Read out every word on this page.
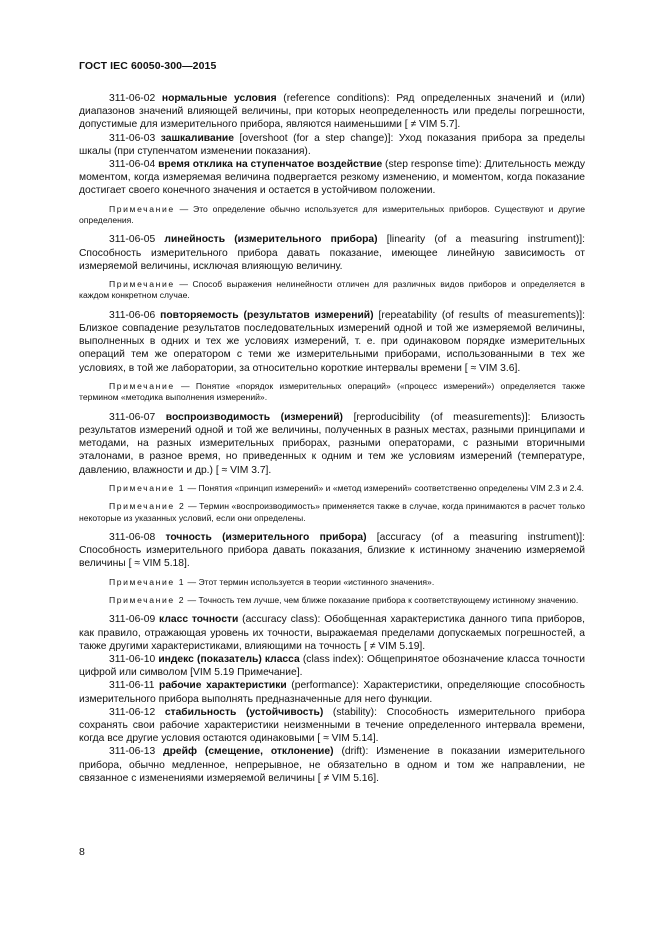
ГОСТ IEC 60050-300—2015

311-06-02 нормальные условия (reference conditions): Ряд определенных значений и (или) диапазонов значений влияющей величины, при которых неопределенность или пределы погрешности, допустимые для измерительного прибора, являются наименьшими [ ≠ VIM 5.7].

311-06-03 зашкаливание [overshoot (for a step change)]: Уход показания прибора за пределы шкалы (при ступенчатом изменении показания).

311-06-04 время отклика на ступенчатое воздействие (step response time): Длительность между моментом, когда измеряемая величина подвергается резкому изменению, и моментом, когда показание достигает своего конечного значения и остается в устойчивом положении.

Примечание — Это определение обычно используется для измерительных приборов. Существуют и другие определения.

311-06-05 линейность (измерительного прибора) [linearity (of a measuring instrument)]: Способность измерительного прибора давать показание, имеющее линейную зависимость от измеряемой величины, исключая влияющую величину.

Примечание — Способ выражения нелинейности отличен для различных видов приборов и определяется в каждом конкретном случае.

311-06-06 повторяемость (результатов измерений) [repeatability (of results of measurements)]: Близкое совпадение результатов последовательных измерений одной и той же измеряемой величины, выполненных в одних и тех же условиях измерений, т. е. при одинаковом порядке измерительных операций тем же оператором с теми же измерительными приборами, использованными в тех же условиях, в той же лаборатории, за относительно короткие интервалы времени [ ≈ VIM 3.6].

Примечание — Понятие «порядок измерительных операций» («процесс измерений») определяется также термином «методика выполнения измерений».

311-06-07 воспроизводимость (измерений) [reproducibility (of measurements)]: Близость результатов измерений одной и той же величины, полученных в разных местах, разными принципами и методами, на разных измерительных приборах, разными операторами, с разными вторичными эталонами, в разное время, но приведенных к одним и тем же условиям измерений (температуре, давлению, влажности и др.) [ ≈ VIM 3.7].

Примечание 1 — Понятия «принцип измерений» и «метод измерений» соответственно определены VIM 2.3 и 2.4.

Примечание 2 — Термин «воспроизводимость» применяется также в случае, когда принимаются в расчет только некоторые из указанных условий, если они определены.

311-06-08 точность (измерительного прибора) [accuracy (of a measuring instrument)]: Способность измерительного прибора давать показания, близкие к истинному значению измеряемой величины [ ≈ VIM 5.18].

Примечание 1 — Этот термин используется в теории «истинного значения».

Примечание 2 — Точность тем лучше, чем ближе показание прибора к соответствующему истинному значению.

311-06-09 класс точности (accuracy class): Обобщенная характеристика данного типа приборов, как правило, отражающая уровень их точности, выражаемая пределами допускаемых погрешностей, а также другими характеристиками, влияющими на точность [ ≠ VIM 5.19].

311-06-10 индекс (показатель) класса (class index): Общепринятое обозначение класса точности цифрой или символом [VIM 5.19 Примечание].

311-06-11 рабочие характеристики (performance): Характеристики, определяющие способность измерительного прибора выполнять предназначенные для него функции.

311-06-12 стабильность (устойчивость) (stability): Способность измерительного прибора сохранять свои рабочие характеристики неизменными в течение определенного интервала времени, когда все другие условия остаются одинаковыми [ ≈ VIM 5.14].

311-06-13 дрейф (смещение, отклонение) (drift): Изменение в показании измерительного прибора, обычно медленное, непрерывное, не обязательно в одном и том же направлении, не связанное с изменениями измеряемой величины [ ≠ VIM 5.16].

8
